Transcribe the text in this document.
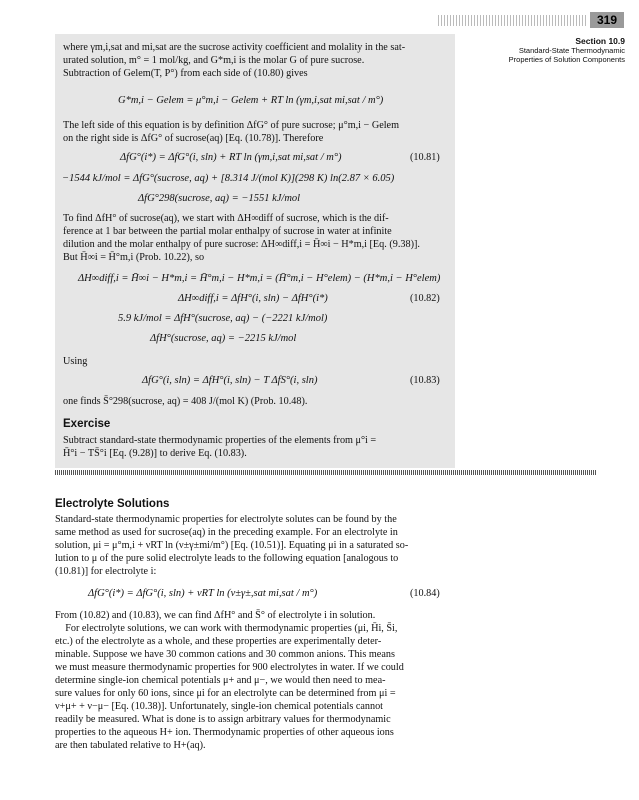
319
Section 10.9
Standard-State Thermodynamic Properties of Solution Components
where γm,i,sat and mi,sat are the sucrose activity coefficient and molality in the sat-
urated solution, m° = 1 mol/kg, and G*m,i is the molar G of pure sucrose.
Subtraction of Gelem(T, P°) from each side of (10.80) gives
G*m,i − Gelem = μ°m,i − Gelem + RT ln (γm,i,sat mi,sat / m°)
The left side of this equation is by definition ΔfG° of pure sucrose; μ°m,i − Gelem
on the right side is ΔfG° of sucrose(aq) [Eq. (10.78)]. Therefore
ΔfG°(i*) = ΔfG°(i, sln) + RT ln (γm,i,sat mi,sat / m°)	(10.81)
−1544 kJ/mol = ΔfG°(sucrose, aq) + [8.314 J/(mol K)](298 K) ln(2.87 × 6.05)
ΔfG°298(sucrose, aq) = −1551 kJ/mol
To find ΔfH° of sucrose(aq), we start with ΔH∞diff of sucrose, which is the dif-
ference at 1 bar between the partial molar enthalpy of sucrose in water at infinite
dilution and the molar enthalpy of pure sucrose: ΔH∞diff,i = H̄∞i − H*m,i [Eq. (9.38)].
But H̄∞i = H̄°m,i (Prob. 10.22), so
ΔH∞diff,i = H̄∞i − H*m,i = H̄°m,i − H*m,i = (H̄°m,i − H°elem) − (H*m,i − H°elem)
ΔH∞diff,i = ΔfH°(i, sln) − ΔfH°(i*)	(10.82)
5.9 kJ/mol = ΔfH°(sucrose, aq) − (−2221 kJ/mol)
ΔfH°(sucrose, aq) = −2215 kJ/mol
Using
ΔfG°(i, sln) = ΔfH°(i, sln) − T ΔfS°(i, sln)	(10.83)
one finds S̄°298(sucrose, aq) = 408 J/(mol K) (Prob. 10.48).
Exercise
Subtract standard-state thermodynamic properties of the elements from μ°i =
H̄°i − TS̄°i [Eq. (9.28)] to derive Eq. (10.83).
Electrolyte Solutions
Standard-state thermodynamic properties for electrolyte solutes can be found by the
same method as used for sucrose(aq) in the preceding example. For an electrolyte in
solution, μi = μ°m,i + νRT ln (ν±γ±mi/m°) [Eq. (10.51)]. Equating μi in a saturated so-
lution to μ of the pure solid electrolyte leads to the following equation [analogous to
(10.81)] for electrolyte i:
ΔfG°(i*) = ΔfG°(i, sln) + νRT ln (ν±γ±,sat mi,sat / m°)	(10.84)
From (10.82) and (10.83), we can find ΔfH° and S̄° of electrolyte i in solution.
For electrolyte solutions, we can work with thermodynamic properties (μi, H̄i, S̄i,
etc.) of the electrolyte as a whole, and these properties are experimentally deter-
minable. Suppose we have 30 common cations and 30 common anions. This means
we must measure thermodynamic properties for 900 electrolytes in water. If we could
determine single-ion chemical potentials μ+ and μ−, we would then need to mea-
sure values for only 60 ions, since μi for an electrolyte can be determined from μi =
ν+μ+ + ν−μ− [Eq. (10.38)]. Unfortunately, single-ion chemical potentials cannot
readily be measured. What is done is to assign arbitrary values for thermodynamic
properties to the aqueous H+ ion. Thermodynamic properties of other aqueous ions
are then tabulated relative to H+(aq).
